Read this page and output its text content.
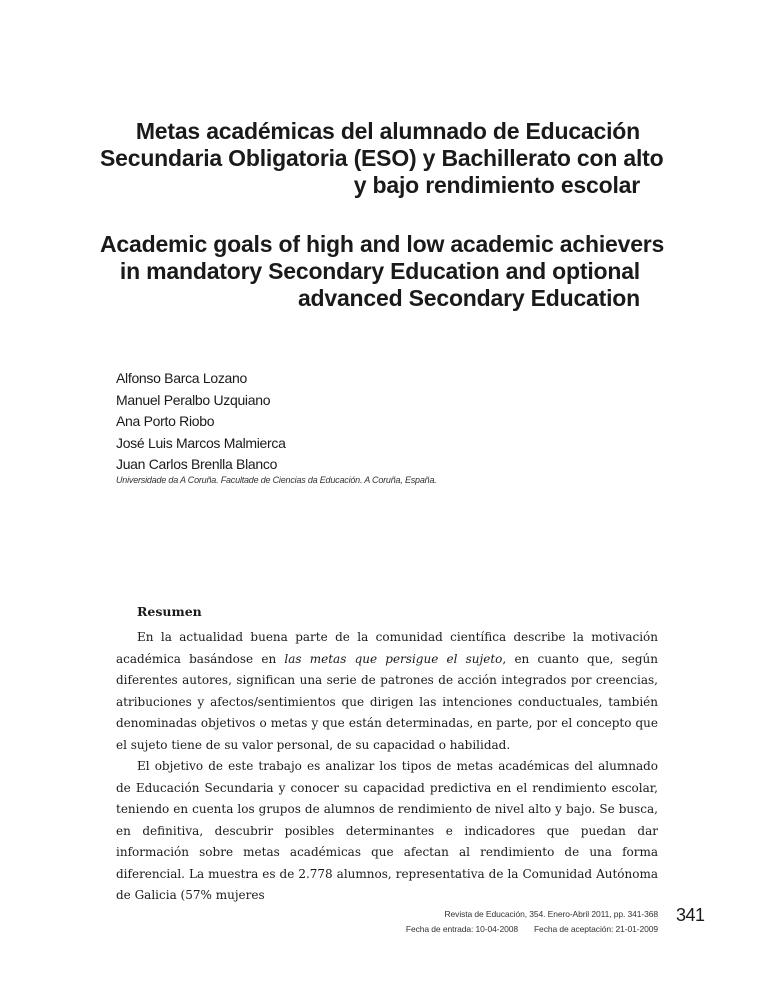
Metas académicas del alumnado de Educación
Secundaria Obligatoria (ESO) y Bachillerato con alto
y bajo rendimiento escolar
Academic goals of high and low academic achievers
in mandatory Secondary Education and optional
advanced Secondary Education
Alfonso Barca Lozano
Manuel Peralbo Uzquiano
Ana Porto Riobo
José Luis Marcos Malmierca
Juan Carlos Brenlla Blanco
Universidade da A Coruña. Facultade de Ciencias da Educación. A Coruña, España.
Resumen

En la actualidad buena parte de la comunidad científica describe la motivación académica basándose en las metas que persigue el sujeto, en cuanto que, según diferentes autores, significan una serie de patrones de acción integrados por creencias, atribuciones y afectos/sentimientos que dirigen las intenciones conductuales, también denominadas objetivos o metas y que están determinadas, en parte, por el concepto que el sujeto tiene de su valor personal, de su capacidad o habilidad.

El objetivo de este trabajo es analizar los tipos de metas académicas del alumnado de Educación Secundaria y conocer su capacidad predictiva en el rendimiento escolar, teniendo en cuenta los grupos de alumnos de rendimiento de nivel alto y bajo. Se busca, en definitiva, descubrir posibles determinantes e indicadores que puedan dar información sobre metas académicas que afectan al rendimiento de una forma diferencial. La muestra es de 2.778 alumnos, representativa de la Comunidad Autónoma de Galicia (57% mujeres

Revista de Educación, 354. Enero-Abril 2011, pp. 341-368
Fecha de entrada: 10-04-2008 Fecha de aceptación: 21-01-2009
341
